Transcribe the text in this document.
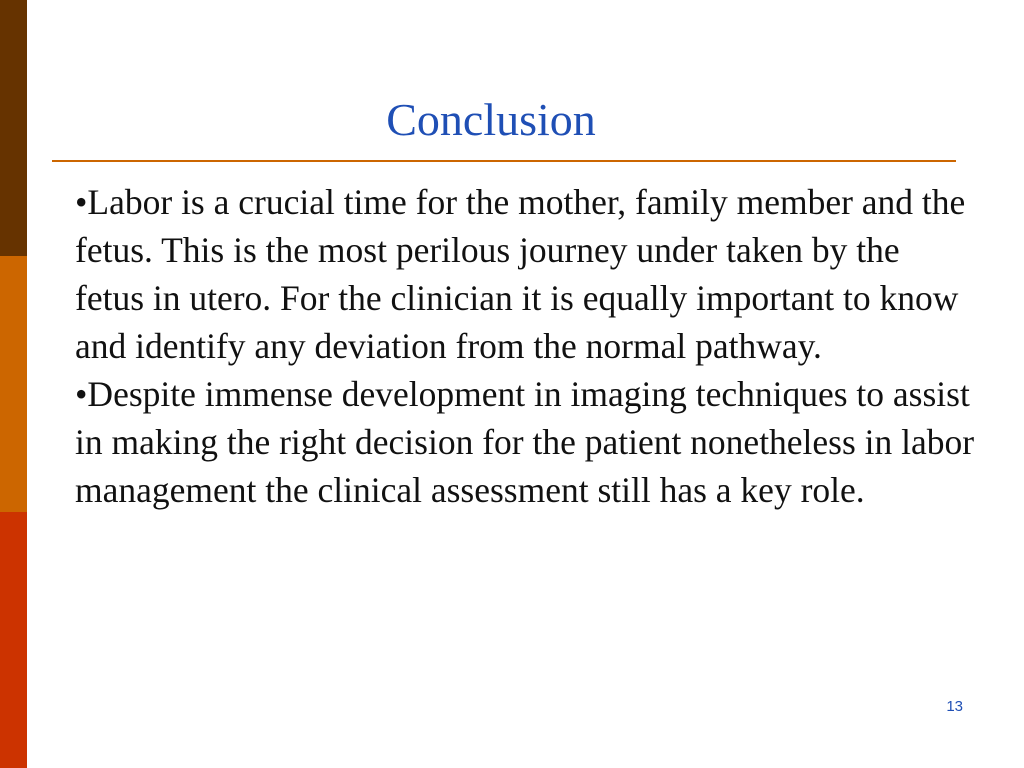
Conclusion

•Labor is a crucial time for the mother, family member and the fetus. This is the most perilous journey under taken by the fetus in utero. For the clinician it is equally important to know and identify any deviation from the normal pathway.

•Despite immense development in imaging techniques to assist in making the right decision for the patient nonetheless in labor management the clinical assessment still has a key role.

13
